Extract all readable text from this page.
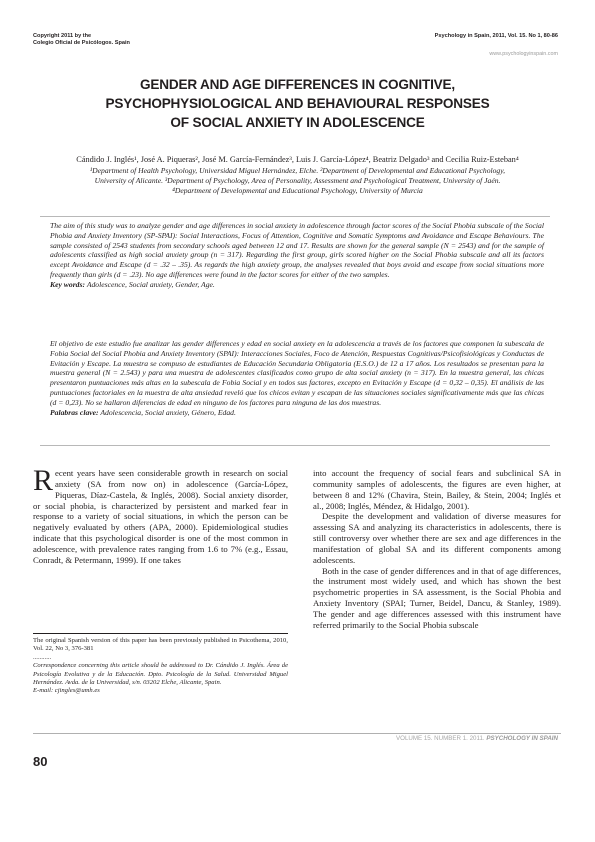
Copyright 2011 by the
Colegio Oficial de Psicólogos. Spain
Psychology in Spain, 2011, Vol. 15. No 1, 80-86
www.psychologyinspain.com
GENDER AND AGE DIFFERENCES IN COGNITIVE,
PSYCHOPHYSIOLOGICAL AND BEHAVIOURAL RESPONSES
OF SOCIAL ANXIETY IN ADOLESCENCE
Cándido J. Inglés¹, José A. Piqueras², José M. García-Fernández³, Luis J. García-López⁴, Beatriz Delgado³ and Cecilia Ruiz-Esteban⁴
¹Department of Health Psychology, Universidad Miguel Hernández, Elche. ²Department of Developmental and Educational Psychology,
University of Alicante. ³Department of Psychology, Area of Personality, Assessment and Psychological Treatment, University of Jaén.
⁴Department of Developmental and Educational Psychology, University of Murcia
The aim of this study was to analyze gender and age differences in social anxiety in adolescence through factor scores of the Social Phobia subscale of the Social Phobia and Anxiety Inventory (SP-SPAI): Social Interactions, Focus of Attention, Cognitive and Somatic Symptoms and Avoidance and Escape Behaviours. The sample consisted of 2543 students from secondary schools aged between 12 and 17. Results are shown for the general sample (N = 2543) and for the sample of adolescents classified as high social anxiety group (n = 317). Regarding the first group, girls scored higher on the Social Phobia subscale and all its factors except Avoidance and Escape (d = .32 – .35). As regards the high anxiety group, the analyses revealed that boys avoid and escape from social situations more frequently than girls (d = .23). No age differences were found in the factor scores for either of the two samples.
Key words: Adolescence, Social anxiety, Gender, Age.
El objetivo de este estudio fue analizar las gender differences y edad en social anxiety en la adolescencia a través de los factores que componen la subescala de Fobia Social del Social Phobia and Anxiety Inventory (SPAI): Interacciones Sociales, Foco de Atención, Respuestas Cognitivas/Psicofisiológicas y Conductas de Evitación y Escape. La muestra se compuso de estudiantes de Educación Secundaria Obligatoria (E.S.O.) de 12 a 17 años. Los resultados se presentan para la muestra general (N = 2.543) y para una muestra de adolescentes clasificados como grupo de alta social anxiety (n = 317). En la muestra general, las chicas presentaron puntuaciones más altas en la subescala de Fobia Social y en todos sus factores, excepto en Evitación y Escape (d = 0,32 – 0,35). El análisis de las puntuaciones factoriales en la muestra de alta ansiedad reveló que los chicos evitan y escapan de las situaciones sociales significativamente más que las chicas (d = 0,23). No se hallaron diferencias de edad en ninguno de los factores para ninguna de las dos muestras.
Palabras clave: Adolescencia, Social anxiety, Género, Edad.

Recent years have seen considerable growth in research on social anxiety (SA from now on) in adolescence (García-López, Piqueras, Díaz-Castela, & Inglés, 2008). Social anxiety disorder, or social phobia, is characterized by persistent and marked fear in response to a variety of social situations, in which the person can be negatively evaluated by others (APA, 2000). Epidemiological studies indicate that this psychological disorder is one of the most common in adolescence, with prevalence rates ranging from 1.6 to 7% (e.g., Essau, Conradt, & Petermann, 1999). If one takes

The original Spanish version of this paper has been previously published in Psicothema, 2010, Vol. 22, No 3, 376-381
...........
Correspondence concerning this article should be addressed to Dr. Cándido J. Inglés. Área de Psicología Evolutiva y de la Educación. Dpto. Psicología de la Salud. Universidad Miguel Hernández. Avda. de la Universidad, s/n. 03202 Elche, Alicante, Spain.
E-mail: cjingles@umh.es

into account the frequency of social fears and subclinical SA in community samples of adolescents, the figures are even higher, at between 8 and 12% (Chavira, Stein, Bailey, & Stein, 2004; Inglés et al., 2008; Inglés, Méndez, & Hidalgo, 2001).

Despite the development and validation of diverse measures for assessing SA and analyzing its characteristics in adolescents, there is still controversy over whether there are sex and age differences in the manifestation of global SA and its different components among adolescents.

Both in the case of gender differences and in that of age differences, the instrument most widely used, and which has shown the best psychometric properties in SA assessment, is the Social Phobia and Anxiety Inventory (SPAI; Turner, Beidel, Dancu, & Stanley, 1989). The gender and age differences assessed with this instrument have referred primarily to the Social Phobia subscale

VOLUME 15. NUMBER 1. 2011. PSYCHOLOGY IN SPAIN
80
